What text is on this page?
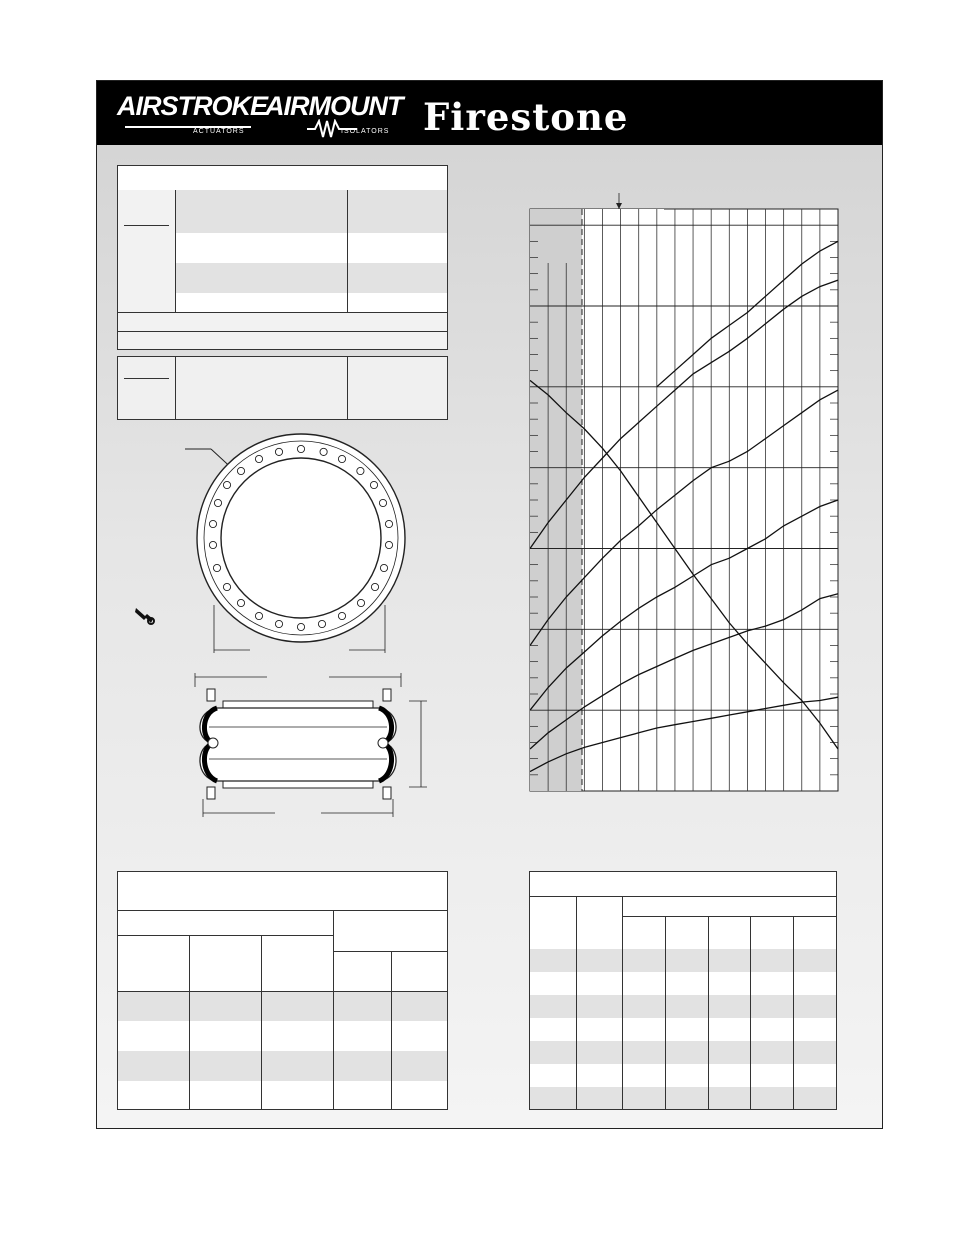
AIRSTROKE
ACTUATORS
AIRMOUNT
ISOLATORS Firestone
